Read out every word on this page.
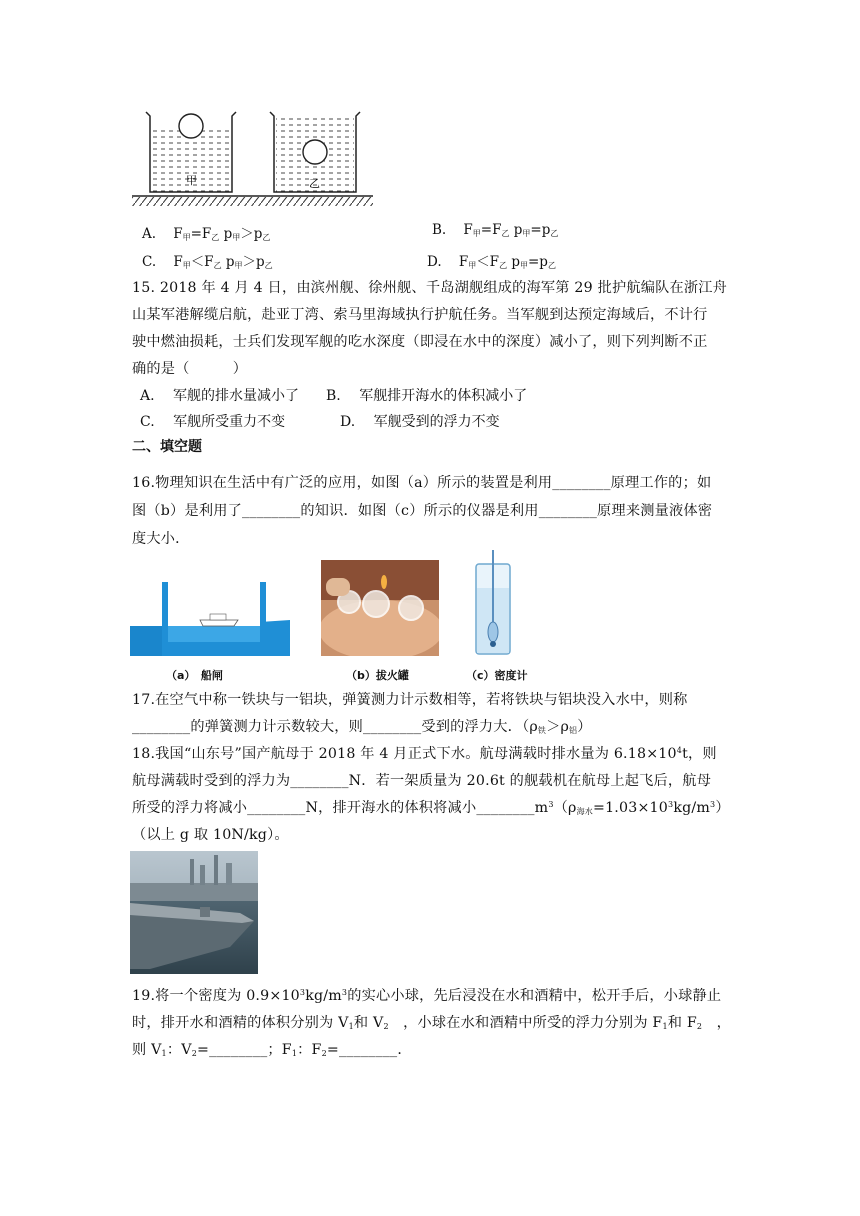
甲	乙
A. $F_甲=F_乙$ $p_甲>p_乙$	B. $F_甲=F_乙$ $p_甲=p_乙$
C. $F_甲<F_乙$ $p_甲>p_乙$	D. $F_甲<F_乙$ $p_甲=p_乙$
15. 2018 年 4 月 4 日，由滨州舰、徐州舰、千岛湖舰组成的海军第 29 批护航编队在浙江舟
山某军港解缆启航，赴亚丁湾、索马里海域执行护航任务。当军舰到达预定海域后，不计行
驶中燃油损耗，士兵们发现军舰的吃水深度（即浸在水中的深度）减小了，则下列判断不正
确的是（　　　）
A.　 军舰的排水量减小了 B.　 军舰排开海水的体积减小了
C.　 军舰所受重力不变	D.　 军舰受到的浮力不变
二、填空题
16.物理知识在生活中有广泛的应用，如图（a）所示的装置是利用________原理工作的；如
图（b）是利用了________的知识．如图（c）所示的仪器是利用________原理来测量液体密
度大小．
（a）　船闸	（b）拔火罐	（c）密度计
17.在空气中称一铁块与一铝块，弹簧测力计示数相等，若将铁块与铝块没入水中，则称
________的弹簧测力计示数较大，则________受到的浮力大．$(\rho_铁>\rho_铝)$
18.我国“山东号”国产航母于 2018 年 4 月正式下水。航母满载时排水量为 $6.18\times 10^4t$，则
航母满载时受到的浮力为________N．若一架质量为 20.6t 的舰载机在航母上起飞后，航母
所受的浮力将减小________N，排开海水的体积将减小$\_\_\_\_\_\_\_\_m^3(\rho_{海水}=1.03\times 10^3kg/m^3)$
（以上 g 取 10N/kg）。
19.将一个密度为 $0.9\times 10^3kg/m^3$的实心小球，先后浸没在水和酒精中，松开手后，小球静止
时，排开水和酒精的体积分别为 $V_1$和 $V_2$　，小球在水和酒精中所受的浮力分别为 $F_1$和 $F_2$　，
则 $V_1$：$V_2=\_\_\_\_\_\_\_\_$；$F_1$：$F_2=\_\_\_\_\_\_\_\_$．
